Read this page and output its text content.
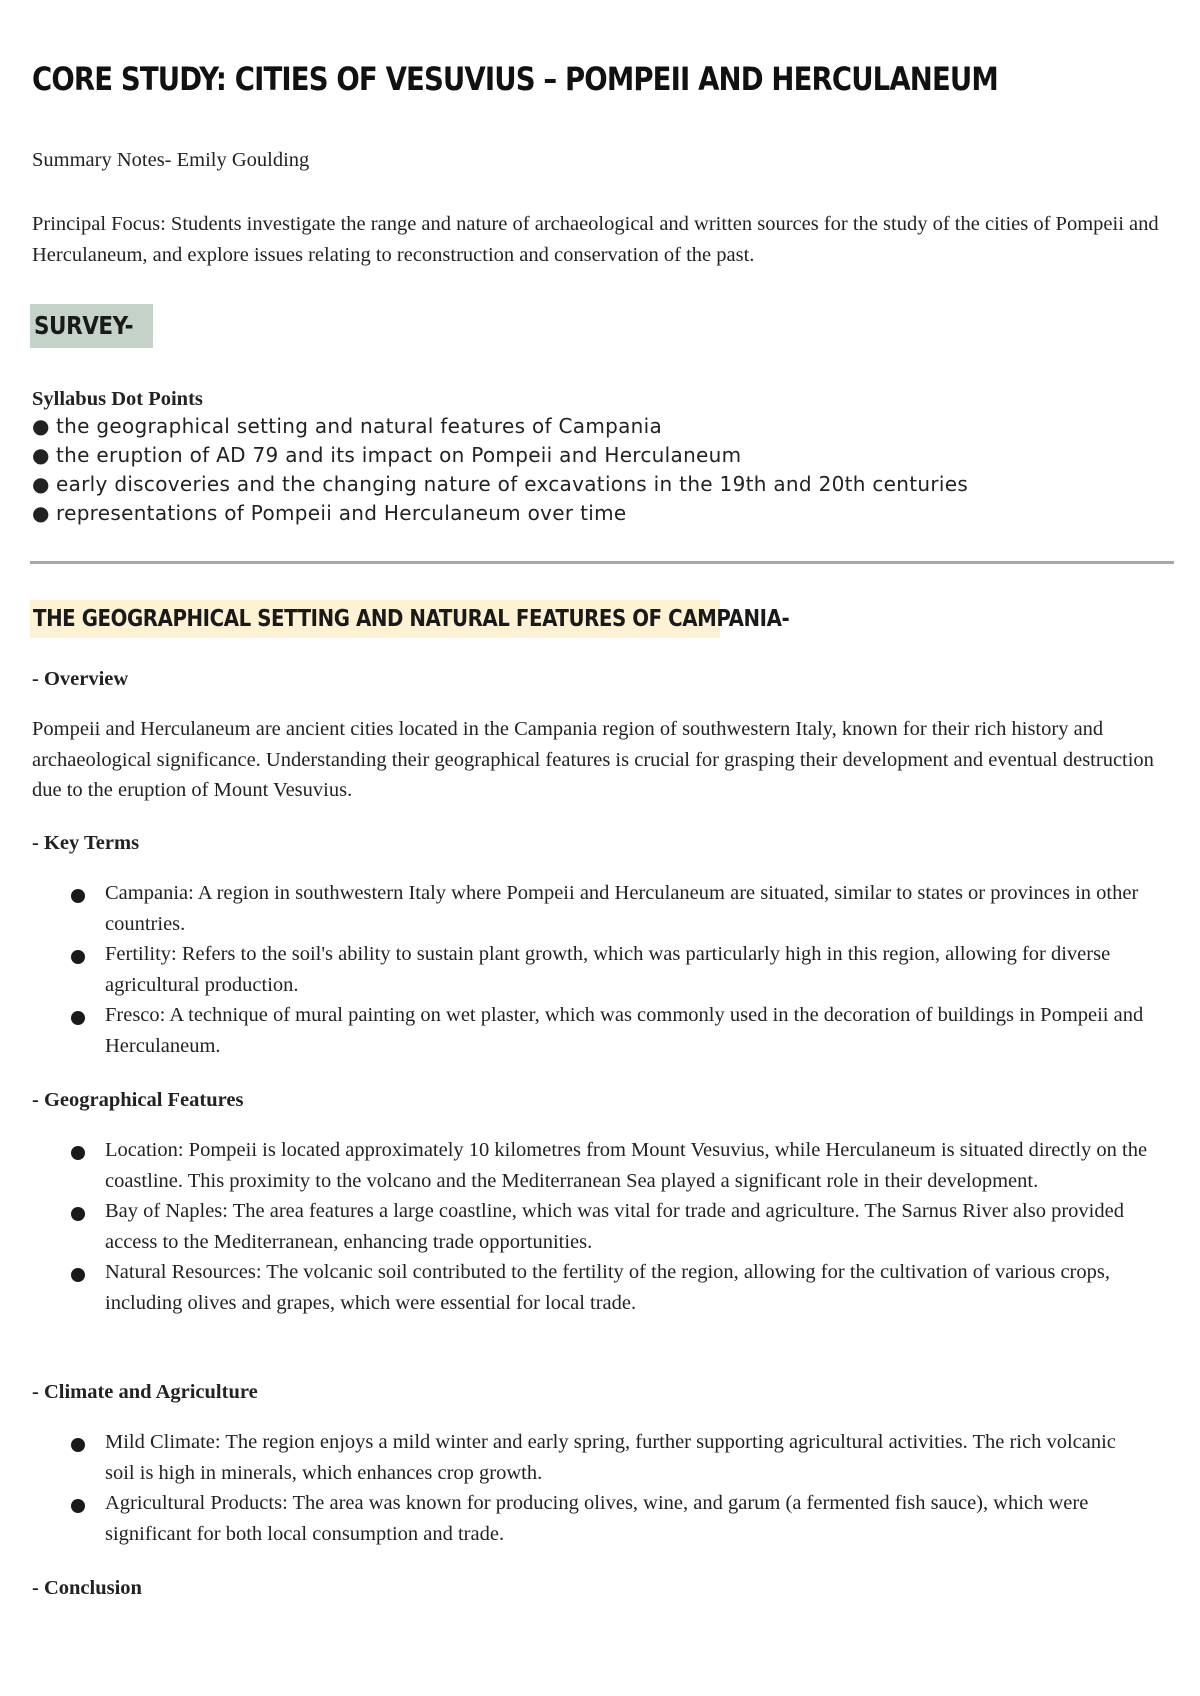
CORE STUDY: CITIES OF VESUVIUS – POMPEII AND HERCULANEUM

Summary Notes- Emily Goulding

Principal Focus: Students investigate the range and nature of archaeological and written sources for the study of the cities of Pompeii and Herculaneum, and explore issues relating to reconstruction and conservation of the past.

SURVEY-

Syllabus Dot Points

● the geographical setting and natural features of Campania
● the eruption of AD 79 and its impact on Pompeii and Herculaneum
● early discoveries and the changing nature of excavations in the 19th and 20th centuries
● representations of Pompeii and Herculaneum over time
THE GEOGRAPHICAL SETTING AND NATURAL FEATURES OF CAMPANIA-

- Overview

Pompeii and Herculaneum are ancient cities located in the Campania region of southwestern Italy, known for their rich history and archaeological significance. Understanding their geographical features is crucial for grasping their development and eventual destruction due to the eruption of Mount Vesuvius.

- Key Terms

Campania: A region in southwestern Italy where Pompeii and Herculaneum are situated, similar to states or provinces in other countries.
Fertility: Refers to the soil's ability to sustain plant growth, which was particularly high in this region, allowing for diverse agricultural production.
Fresco: A technique of mural painting on wet plaster, which was commonly used in the decoration of buildings in Pompeii and Herculaneum.

- Geographical Features

Location: Pompeii is located approximately 10 kilometres from Mount Vesuvius, while Herculaneum is situated directly on the coastline. This proximity to the volcano and the Mediterranean Sea played a significant role in their development.
Bay of Naples: The area features a large coastline, which was vital for trade and agriculture. The Sarnus River also provided access to the Mediterranean, enhancing trade opportunities.
Natural Resources: The volcanic soil contributed to the fertility of the region, allowing for the cultivation of various crops, including olives and grapes, which were essential for local trade.

- Climate and Agriculture

Mild Climate: The region enjoys a mild winter and early spring, further supporting agricultural activities. The rich volcanic soil is high in minerals, which enhances crop growth.
Agricultural Products: The area was known for producing olives, wine, and garum (a fermented fish sauce), which were significant for both local consumption and trade.

- Conclusion
